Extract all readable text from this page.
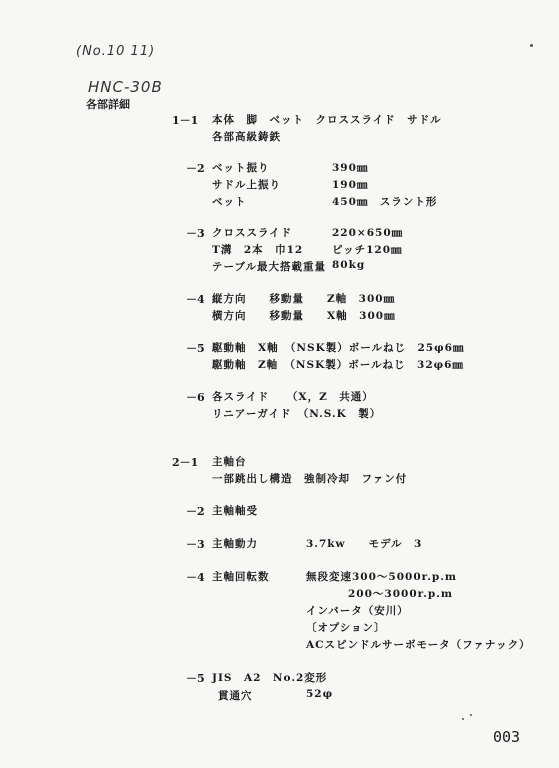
(No.10 11)
HNC-30B
各部詳細
1－1 本体　脚　ベット　クロススライド　サドル
各部高級鋳鉄
－2 ベット振り	390㎜
サドル上振り	190㎜
ベット	450㎜　スラント形
－3 クロススライド	220×650㎜
T溝　2本　巾12	ピッチ120㎜
テーブル最大搭載重量 80kg
－4 縦方向　　移動量　　Z軸　300㎜
横方向　　移動量　　X軸　300㎜
－5 駆動軸　X軸　（NSK製）ボールねじ　25φ6㎜
駆動軸　Z軸　（NSK製）ボールねじ　32φ6㎜
－6 各スライド　　（X，Z　共通）
リニアーガイド　（N.S.K　製）
2－1 主軸台
一部跳出し構造　強制冷却　ファン付
－2 主軸軸受
－3 主軸動力	3.7kw　　モデル　3
－4 主軸回転数	無段変速300～5000r.p.m
200～3000r.p.m
インバータ（安川）
〔オプション〕
ACスピンドルサーボモータ（ファナック）
－5 JIS　A2　No.2変形
貫通穴	52φ
003
